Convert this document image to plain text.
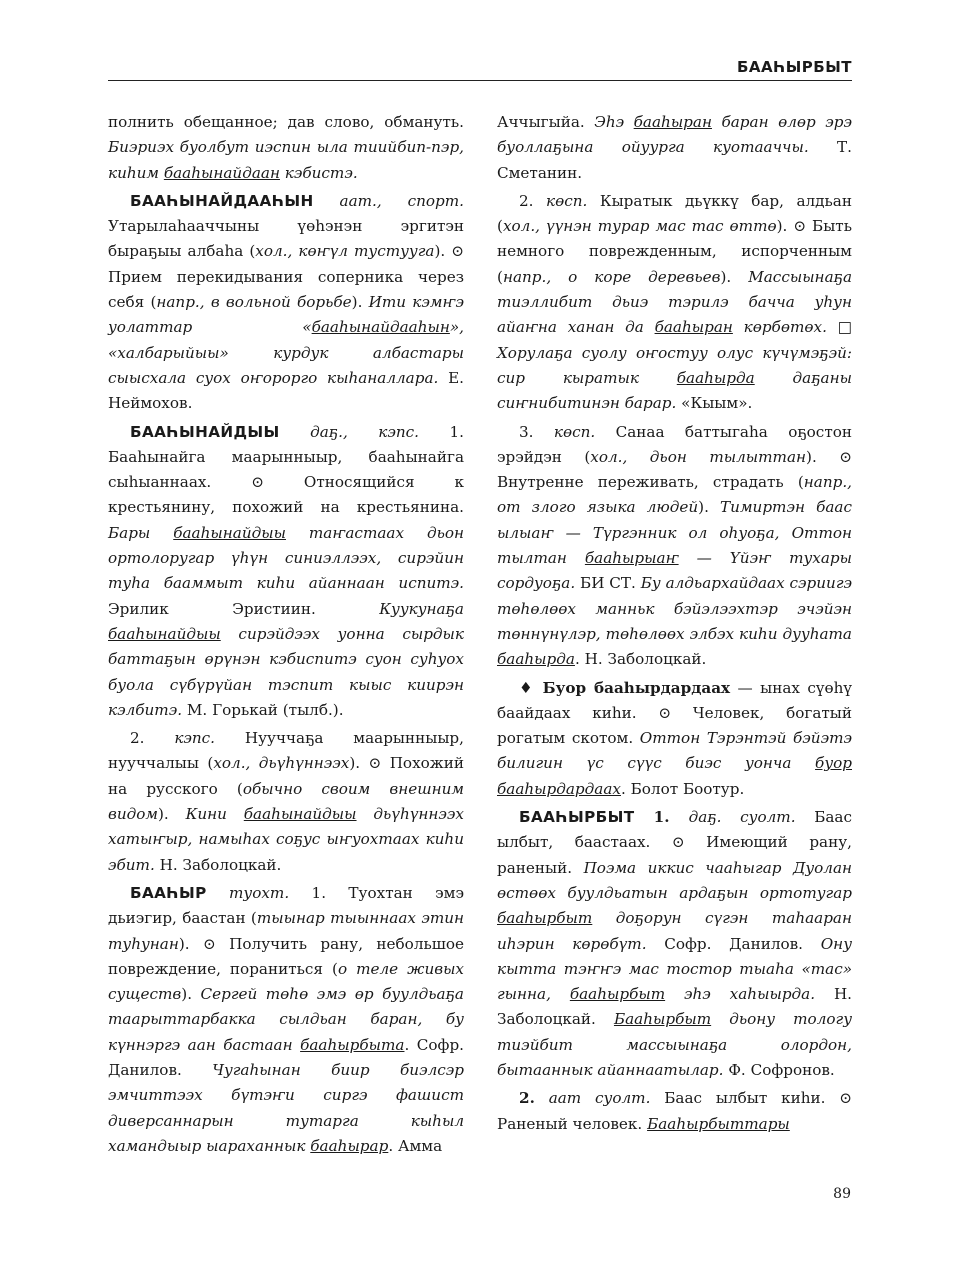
БААҺЫРБЫТ

полнить обещанное; дав слово, обмануть. Биэриэх буолбут иэспин ыла тиийбип-пэр, киһим бааһынайдаан кэбистэ.

БААҺЫНАЙДААҺЫН аат., спорт. Утарылаһааччыны үөһэнэн эргитэн быраҕыы албаһа (хол., көҥүл тустууга). ⊙ Прием перекидывания соперника через себя (напр., в вольной борьбе). Ити кэмҥэ уолаттар «бааһынайдааһын», «халбарыйыы» курдук албастары сыысхала суох оҥорорго кыһаналлара. Е. Неймохов.

БААҺЫНАЙДЫЫ даҕ., кэпс. 1. Бааһынайга маарынныыр, бааһынайга сыһыаннаах. ⊙ Относящийся к крестьянину, похожий на крестьянина. Бары бааһынайдыы таҥастаах дьон ортолоругар үһүн синиэллээх, сирэйин туһа бааммыт киһи айаннаан испитэ. Эрилик Эристиин. Куукунаҕа бааһынайдыы сирэйдээх уонна сырдык баттаҕын өрүнэн кэбиспитэ суон суһуох буола сүбүрүйан тэспит кыыс киирэн кэлбитэ. М. Горькай (тылб.).

2. кэпс. Нууччаҕа маарынныыр, нууччалыы (хол., дьүһүннээх). ⊙ Похожий на русского (обычно своим внешним видом). Кини бааһынайдыы дьүһүннээх хатыҥыр, намыһах соҕус ыҥуохтаах киһи эбит. Н. Заболоцкай.

БААҺЫР туохт. 1. Туохтан эмэ дьиэгир, баастан (тыынар тыыннаах этин туһунан). ⊙ Получить рану, небольшое повреждение, пораниться (о теле живых существ). Сергей төһө эмэ өр буулдьаҕа таарыттарбакка сылдьан баран, бу күннэргэ аан бастаан бааһырбыта. Софр. Данилов. Чугаһынан биир биэлсэр эмчиттээх бүтэҥи сиргэ фашист диверсаннарын тутарга кыһыл хамандыыр ыараханнык бааһырар. Амма

Аччыгыйа. Эһэ бааһыран баран өлөр эрэ буоллаҕына ойуурга куотааччы. Т. Сметанин.

2. көсп. Кыратык дьүккү бар, алдьан (хол., үүнэн турар мас тас өттө). ⊙ Быть немного поврежденным, испорченным (напр., о коре деревьев). Массыынаҕа тиэллибит дьиэ тэрилэ баччa уһун айаҥна ханан да бааһыран көрбөтөх. □ Хорулаҕа суолу оҥостуу олус күчүмэҕэй: сир кыратык бааһырда даҕаны сиҥнибитинэн барар. «Кыым».

3. көсп. Санаа баттыгаһа оҕостон эрэйдэн (хол., дьон тылыттан). ⊙ Внутренне переживать, страдать (напр., от злого языка людей). Тимиртэн баас ылыаҥ — Түргэнник ол оһуоҕа, Оттон тылтан бааһырыаҥ — Үйэҥ тухары сордуоҕа. БИ СТ. Бу алдьархайдаах сэриигэ төһөлөөх манньк бэйэлээхтэр эчэйэн төннүнүлэр, төһөлөөх элбэх киһи дууһата бааһырда. Н. Заболоцкай.

♦ Буор бааһырдардаах — ынах сүөһү баайдаах киһи. ⊙ Человек, богатый рогатым скотом. Оттон Тэрэнтэй бэйэтэ билигин үс сүүс биэс уонча буор бааһырдардаах. Болот Боотур.

БААҺЫРБЫТ 1. даҕ. суолт. Баас ылбыт, баастаах. ⊙ Имеющий рану, раненый. Поэма иккис чааһыгар Дуолан өстөөх буулдьатын ардаҕын ортотугар бааһырбыт доҕорун сүгэн таһааран иһэрин көрөбүт. Софр. Данилов. Ону кытта тэҥҥэ мас тостор тыаһа «тас» гынна, бааһырбыт эһэ хаһыырда. Н. Заболоцкай. Бааһырбыт дьону тологу тиэйбит массыынаҕа олордон, бытааннык айаннаатылар. Ф. Софронов.

2. аат суолт. Баас ылбыт киһи. ⊙ Раненый человек. Бааһырбыттары

89
